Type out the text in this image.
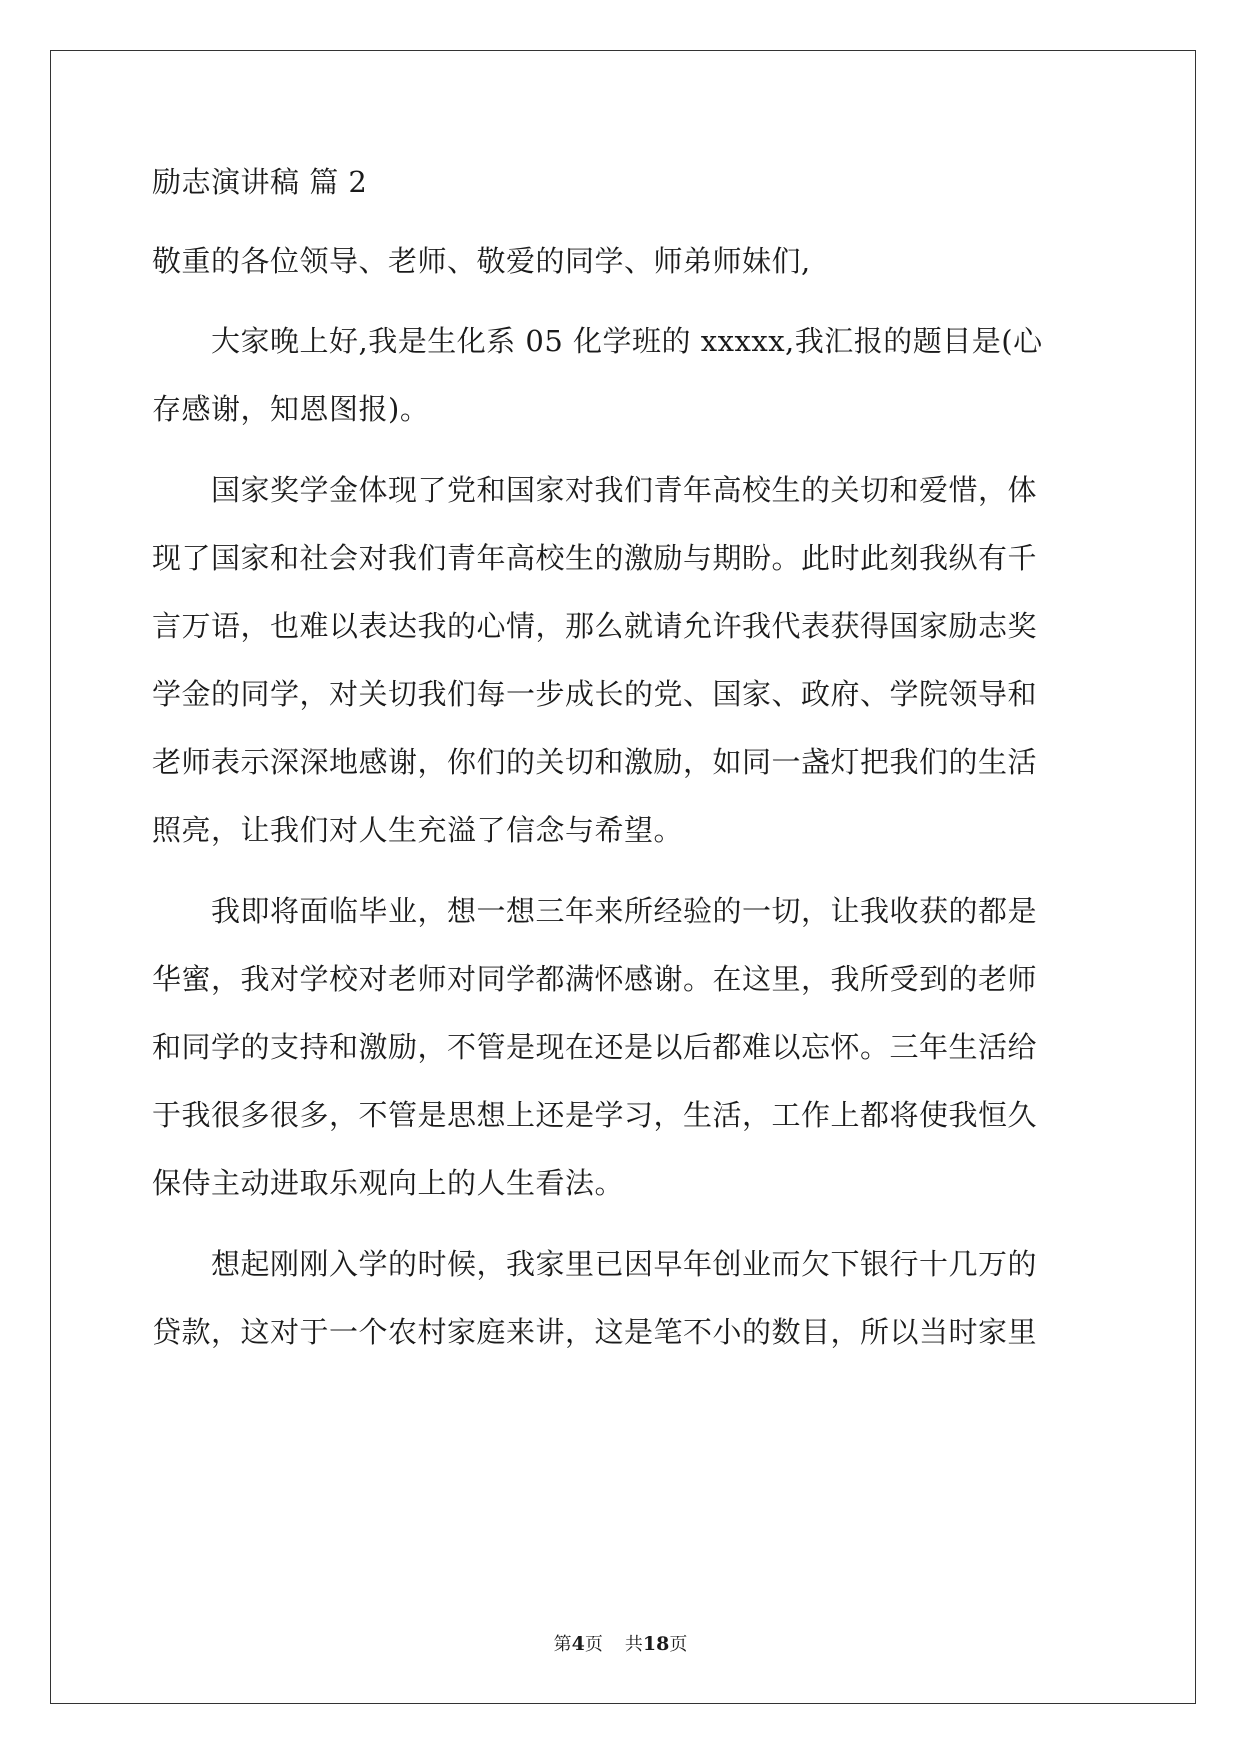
励志演讲稿 篇 2
敬重的各位领导、老师、敬爱的同学、师弟师妹们,
　　大家晚上好,我是生化系 05 化学班的 xxxxx,我汇报的题目是(心
存感谢，知恩图报)。
　　国家奖学金体现了党和国家对我们青年高校生的关切和爱惜，体
现了国家和社会对我们青年高校生的激励与期盼。此时此刻我纵有千
言万语，也难以表达我的心情，那么就请允许我代表获得国家励志奖
学金的同学，对关切我们每一步成长的党、国家、政府、学院领导和
老师表示深深地感谢，你们的关切和激励，如同一盏灯把我们的生活
照亮，让我们对人生充溢了信念与希望。
　　我即将面临毕业，想一想三年来所经验的一切，让我收获的都是
华蜜，我对学校对老师对同学都满怀感谢。在这里，我所受到的老师
和同学的支持和激励，不管是现在还是以后都难以忘怀。三年生活给
于我很多很多，不管是思想上还是学习，生活，工作上都将使我恒久
保侍主动进取乐观向上的人生看法。
　　想起刚刚入学的时候，我家里已因早年创业而欠下银行十几万的
贷款，这对于一个农村家庭来讲，这是笔不小的数目，所以当时家里
第4页 共18页
